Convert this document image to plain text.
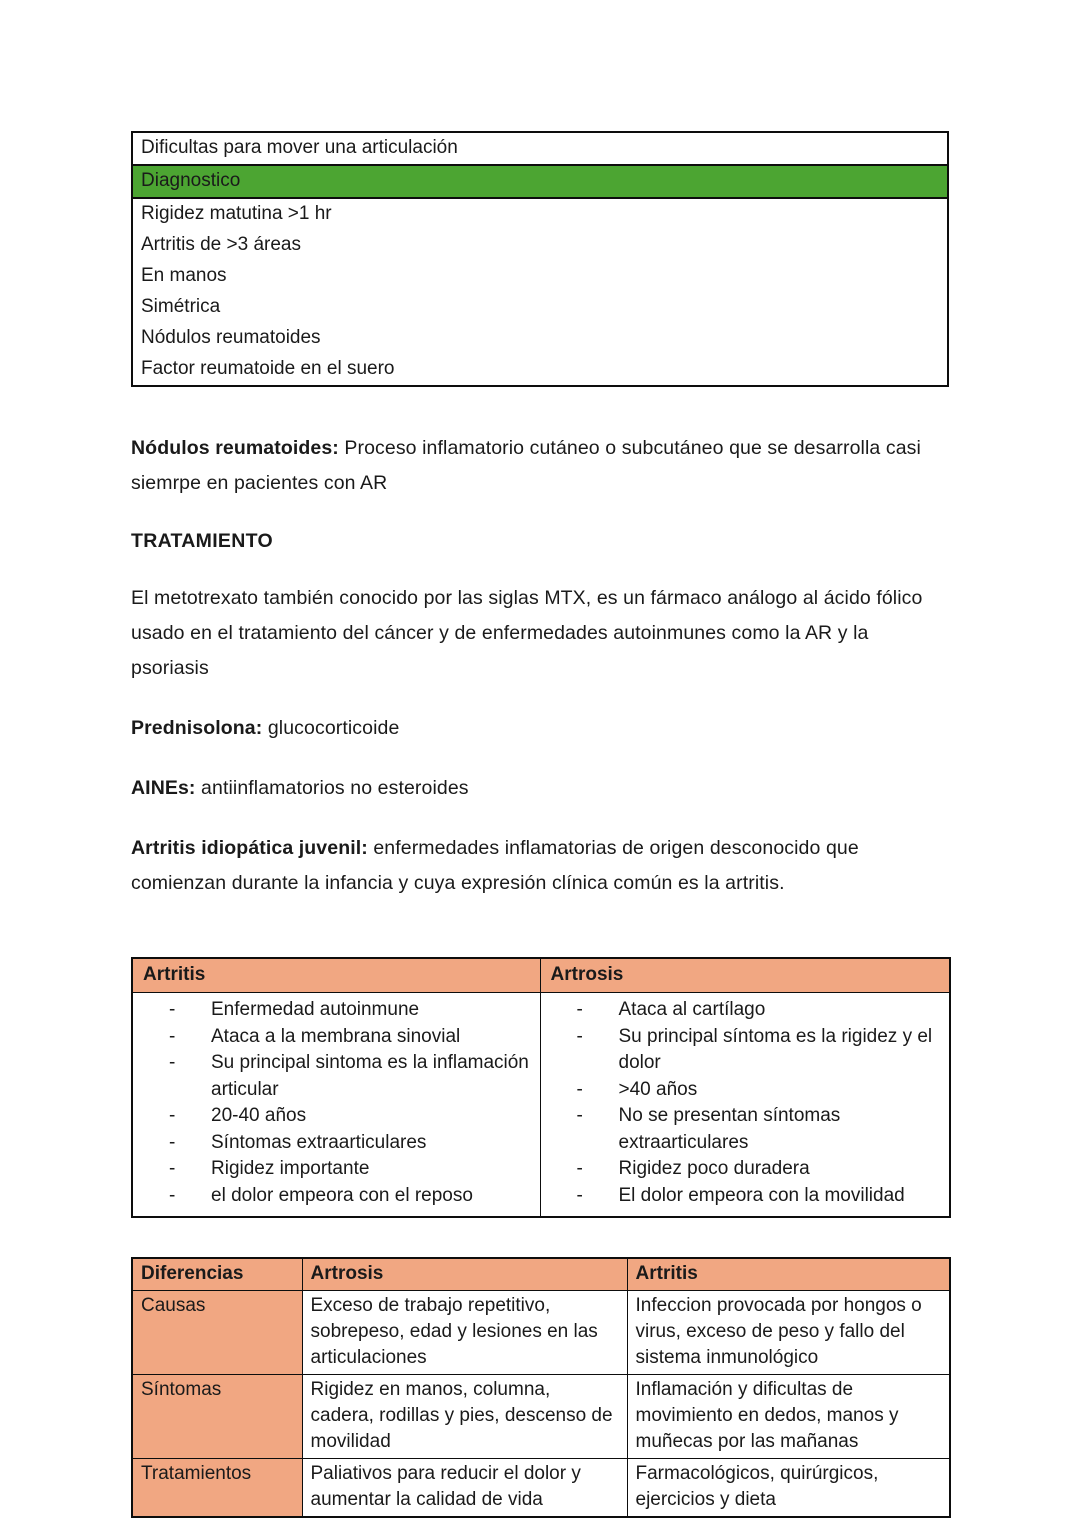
Dificultas para mover una articulación
Diagnostico
Rigidez matutina >1 hr
Artritis de >3 áreas
En manos
Simétrica
Nódulos reumatoides
Factor reumatoide en el suero

Nódulos reumatoides: Proceso inflamatorio cutáneo o subcutáneo que se desarrolla casi siemrpe en pacientes con AR

TRATAMIENTO

El metotrexato también conocido por las siglas MTX, es un fármaco análogo al ácido fólico usado en el tratamiento del cáncer y de enfermedades autoinmunes como la AR y la psoriasis

Prednisolona: glucocorticoide

AINEs: antiinflamatorios no esteroides

Artritis idiopática juvenil: enfermedades inflamatorias de origen desconocido que comienzan durante la infancia y cuya expresión clínica común es la artritis.

Artritis	Artrosis

- Enfermedad autoinmune
- Ataca a la membrana sinovial
- Su principal sintoma es la inflamación articular
- 20-40 años
- Síntomas extraarticulares
- Rigidez importante
- el dolor empeora con el reposo

- Ataca al cartílago
- Su principal síntoma es la rigidez y el dolor
- >40 años
- No se presentan síntomas extraarticulares
- Rigidez poco duradera
- El dolor empeora con la movilidad
Diferencias	Artrosis	Artritis
Causas	Exceso de trabajo repetitivo, sobrepeso, edad y lesiones en las articulaciones	Infeccion provocada por hongos o virus, exceso de peso y fallo del sistema inmunológico
Síntomas	Rigidez en manos, columna, cadera, rodillas y pies, descenso de movilidad	Inflamación y dificultas de movimiento en dedos, manos y muñecas por las mañanas
Tratamientos	Paliativos para reducir el dolor y aumentar la calidad de vida	Farmacológicos, quirúrgicos, ejercicios y dieta
